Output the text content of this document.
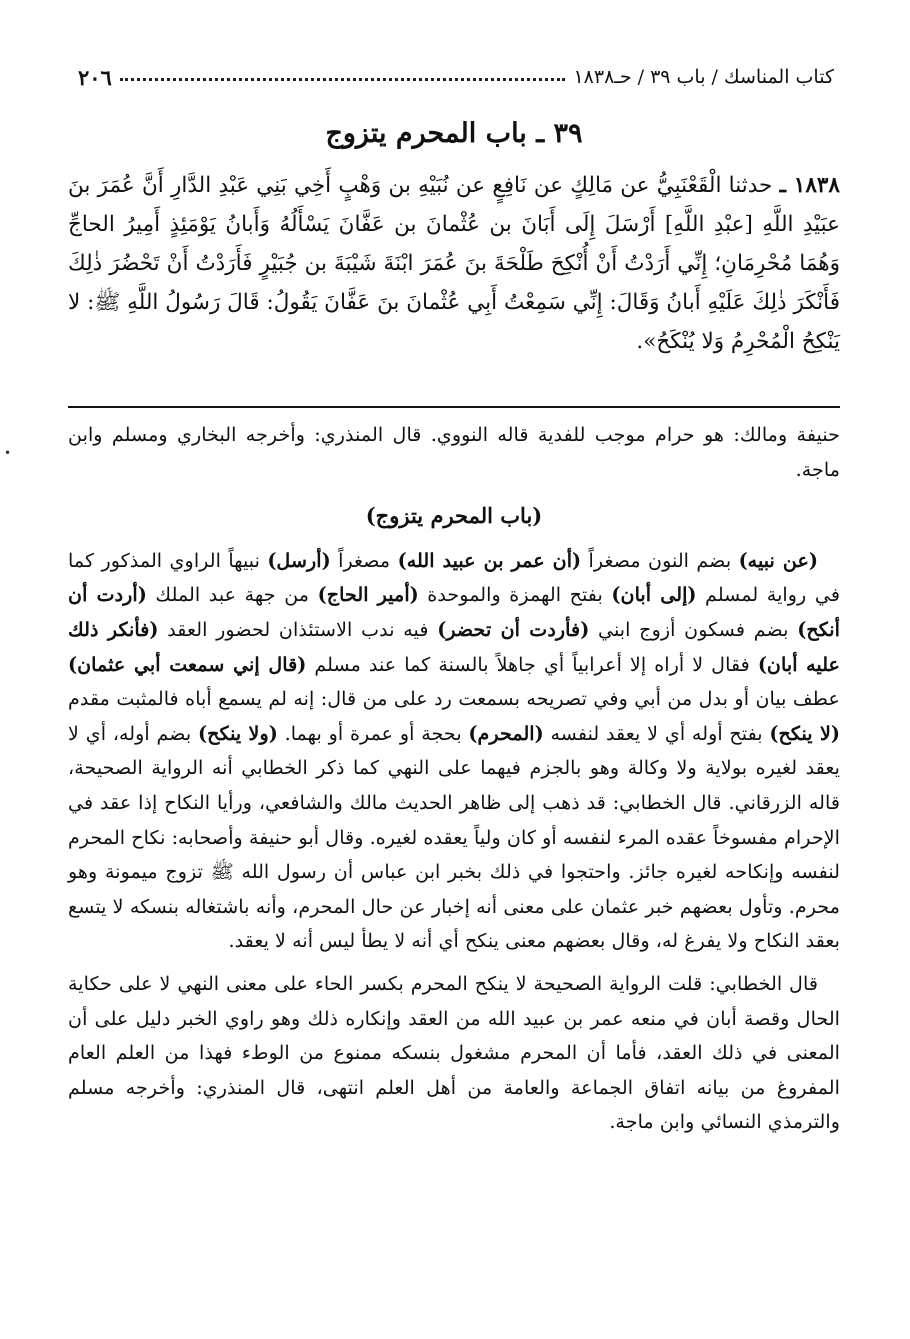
كتاب المناسك / باب ٣٩ / حـ١٨٣٨
٢٠٦
٣٩ ـ باب المحرم يتزوج
١٨٣٨ ـ حدثنا الْقَعْنَبِيُّ عن مَالِكٍ عن نَافِعٍ عن نُبَيْهِ بن وَهْبٍ أَخِي بَنِي عَبْدِ الدَّارِ أَنَّ عُمَرَ بنَ عبَيْدِ اللَّهِ [عبْدِ اللَّهِ] أَرْسَلَ إِلَى أَبَانَ بن عُثْمانَ بن عَفَّانَ يَسْأَلُهُ وَأَبانُ يَوْمَئِذٍ أَمِيرُ الحاجِّ وَهُمَا مُحْرِمَانِ؛ إِنِّي أَرَدْتُ أَنْ أُنْكِحَ طَلْحَةَ بنَ عُمَرَ ابْنَةَ شَيْبَةَ بن جُبَيْرٍ فَأَرَدْتُ أَنْ تَحْضُرَ ذٰلِكَ فَأَنْكَرَ ذٰلِكَ عَلَيْهِ أَبانُ وَقَالَ: إِنِّي سَمِعْتُ أَبِي عُثْمانَ بنَ عَفَّانَ يَقُولُ: قَالَ رَسُولُ اللَّهِ ﷺ: لا يَنْكِحُ الْمُحْرِمُ وَلا يُنْكَحُ».

حنيفة ومالك: هو حرام موجب للفدية قاله النووي. قال المنذري: وأخرجه البخاري ومسلم وابن ماجة.

(باب المحرم يتزوج)

(عن نبيه) بضم النون مصغراً (أن عمر بن عبيد الله) مصغراً (أرسل) نبيهاً الراوي المذكور كما في رواية لمسلم (إلى أبان) بفتح الهمزة والموحدة (أمير الحاج) من جهة عبد الملك (أردت أن أنكح) بضم فسكون أزوج ابني (فأردت أن تحضر) فيه ندب الاستئذان لحضور العقد (فأنكر ذلك عليه أبان) فقال لا أراه إلا أعرابياً أي جاهلاً بالسنة كما عند مسلم (قال إني سمعت أبي عثمان) عطف بيان أو بدل من أبي وفي تصريحه بسمعت رد على من قال: إنه لم يسمع أباه فالمثبت مقدم (لا ينكح) بفتح أوله أي لا يعقد لنفسه (المحرم) بحجة أو عمرة أو بهما. (ولا ينكح) بضم أوله، أي لا يعقد لغيره بولاية ولا وكالة وهو بالجزم فيهما على النهي كما ذكر الخطابي أنه الرواية الصحيحة، قاله الزرقاني. قال الخطابي: قد ذهب إلى ظاهر الحديث مالك والشافعي، ورأيا النكاح إذا عقد في الإحرام مفسوخاً عقده المرء لنفسه أو كان ولياً يعقده لغيره. وقال أبو حنيفة وأصحابه: نكاح المحرم لنفسه وإنكاحه لغيره جائز. واحتجوا في ذلك بخبر ابن عباس أن رسول الله ﷺ تزوج ميمونة وهو محرم. وتأول بعضهم خبر عثمان على معنى أنه إخبار عن حال المحرم، وأنه باشتغاله بنسكه لا يتسع بعقد النكاح ولا يفرغ له، وقال بعضهم معنى ينكح أي أنه لا يطأ ليس أنه لا يعقد.

قال الخطابي: قلت الرواية الصحيحة لا ينكح المحرم بكسر الحاء على معنى النهي لا على حكاية الحال وقصة أبان في منعه عمر بن عبيد الله من العقد وإنكاره ذلك وهو راوي الخبر دليل على أن المعنى في ذلك العقد، فأما أن المحرم مشغول بنسكه ممنوع من الوطء فهذا من العلم العام المفروغ من بيانه اتفاق الجماعة والعامة من أهل العلم انتهى، قال المنذري: وأخرجه مسلم والترمذي النسائي وابن ماجة.

•
